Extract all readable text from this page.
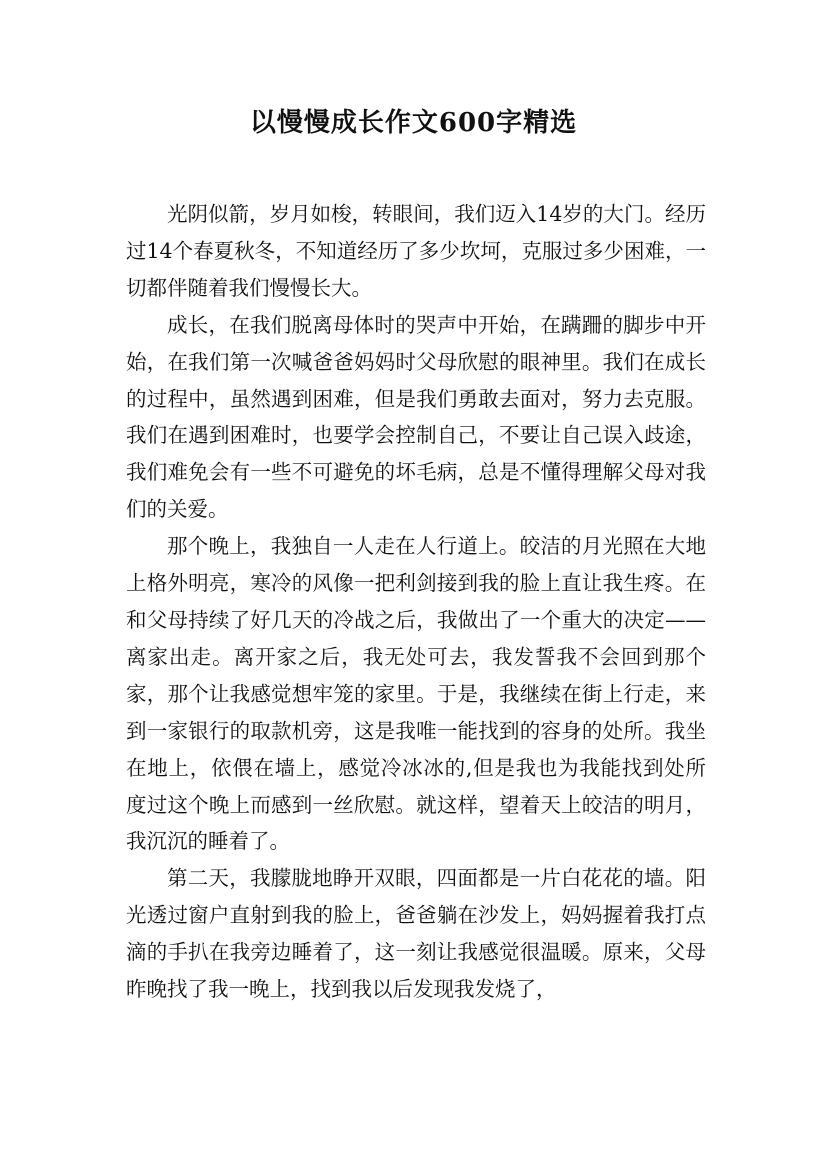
以慢慢成长作文600字精选

光阴似箭，岁月如梭，转眼间，我们迈入14岁的大门。经历过14个春夏秋冬，不知道经历了多少坎坷，克服过多少困难，一切都伴随着我们慢慢长大。

成长，在我们脱离母体时的哭声中开始，在蹒跚的脚步中开始，在我们第一次喊爸爸妈妈时父母欣慰的眼神里。我们在成长的过程中，虽然遇到困难，但是我们勇敢去面对，努力去克服。我们在遇到困难时，也要学会控制自己，不要让自己误入歧途，我们难免会有一些不可避免的坏毛病，总是不懂得理解父母对我们的关爱。

那个晚上，我独自一人走在人行道上。皎洁的月光照在大地上格外明亮，寒冷的风像一把利剑接到我的脸上直让我生疼。在和父母持续了好几天的冷战之后，我做出了一个重大的决定——离家出走。离开家之后，我无处可去，我发誓我不会回到那个家，那个让我感觉想牢笼的家里。于是，我继续在街上行走，来到一家银行的取款机旁，这是我唯一能找到的容身的处所。我坐在地上，依偎在墙上，感觉冷冰冰的,但是我也为我能找到处所度过这个晚上而感到一丝欣慰。就这样，望着天上皎洁的明月，我沉沉的睡着了。

第二天，我朦胧地睁开双眼，四面都是一片白花花的墙。阳光透过窗户直射到我的脸上，爸爸躺在沙发上，妈妈握着我打点滴的手扒在我旁边睡着了，这一刻让我感觉很温暖。原来，父母昨晚找了我一晚上，找到我以后发现我发烧了，
